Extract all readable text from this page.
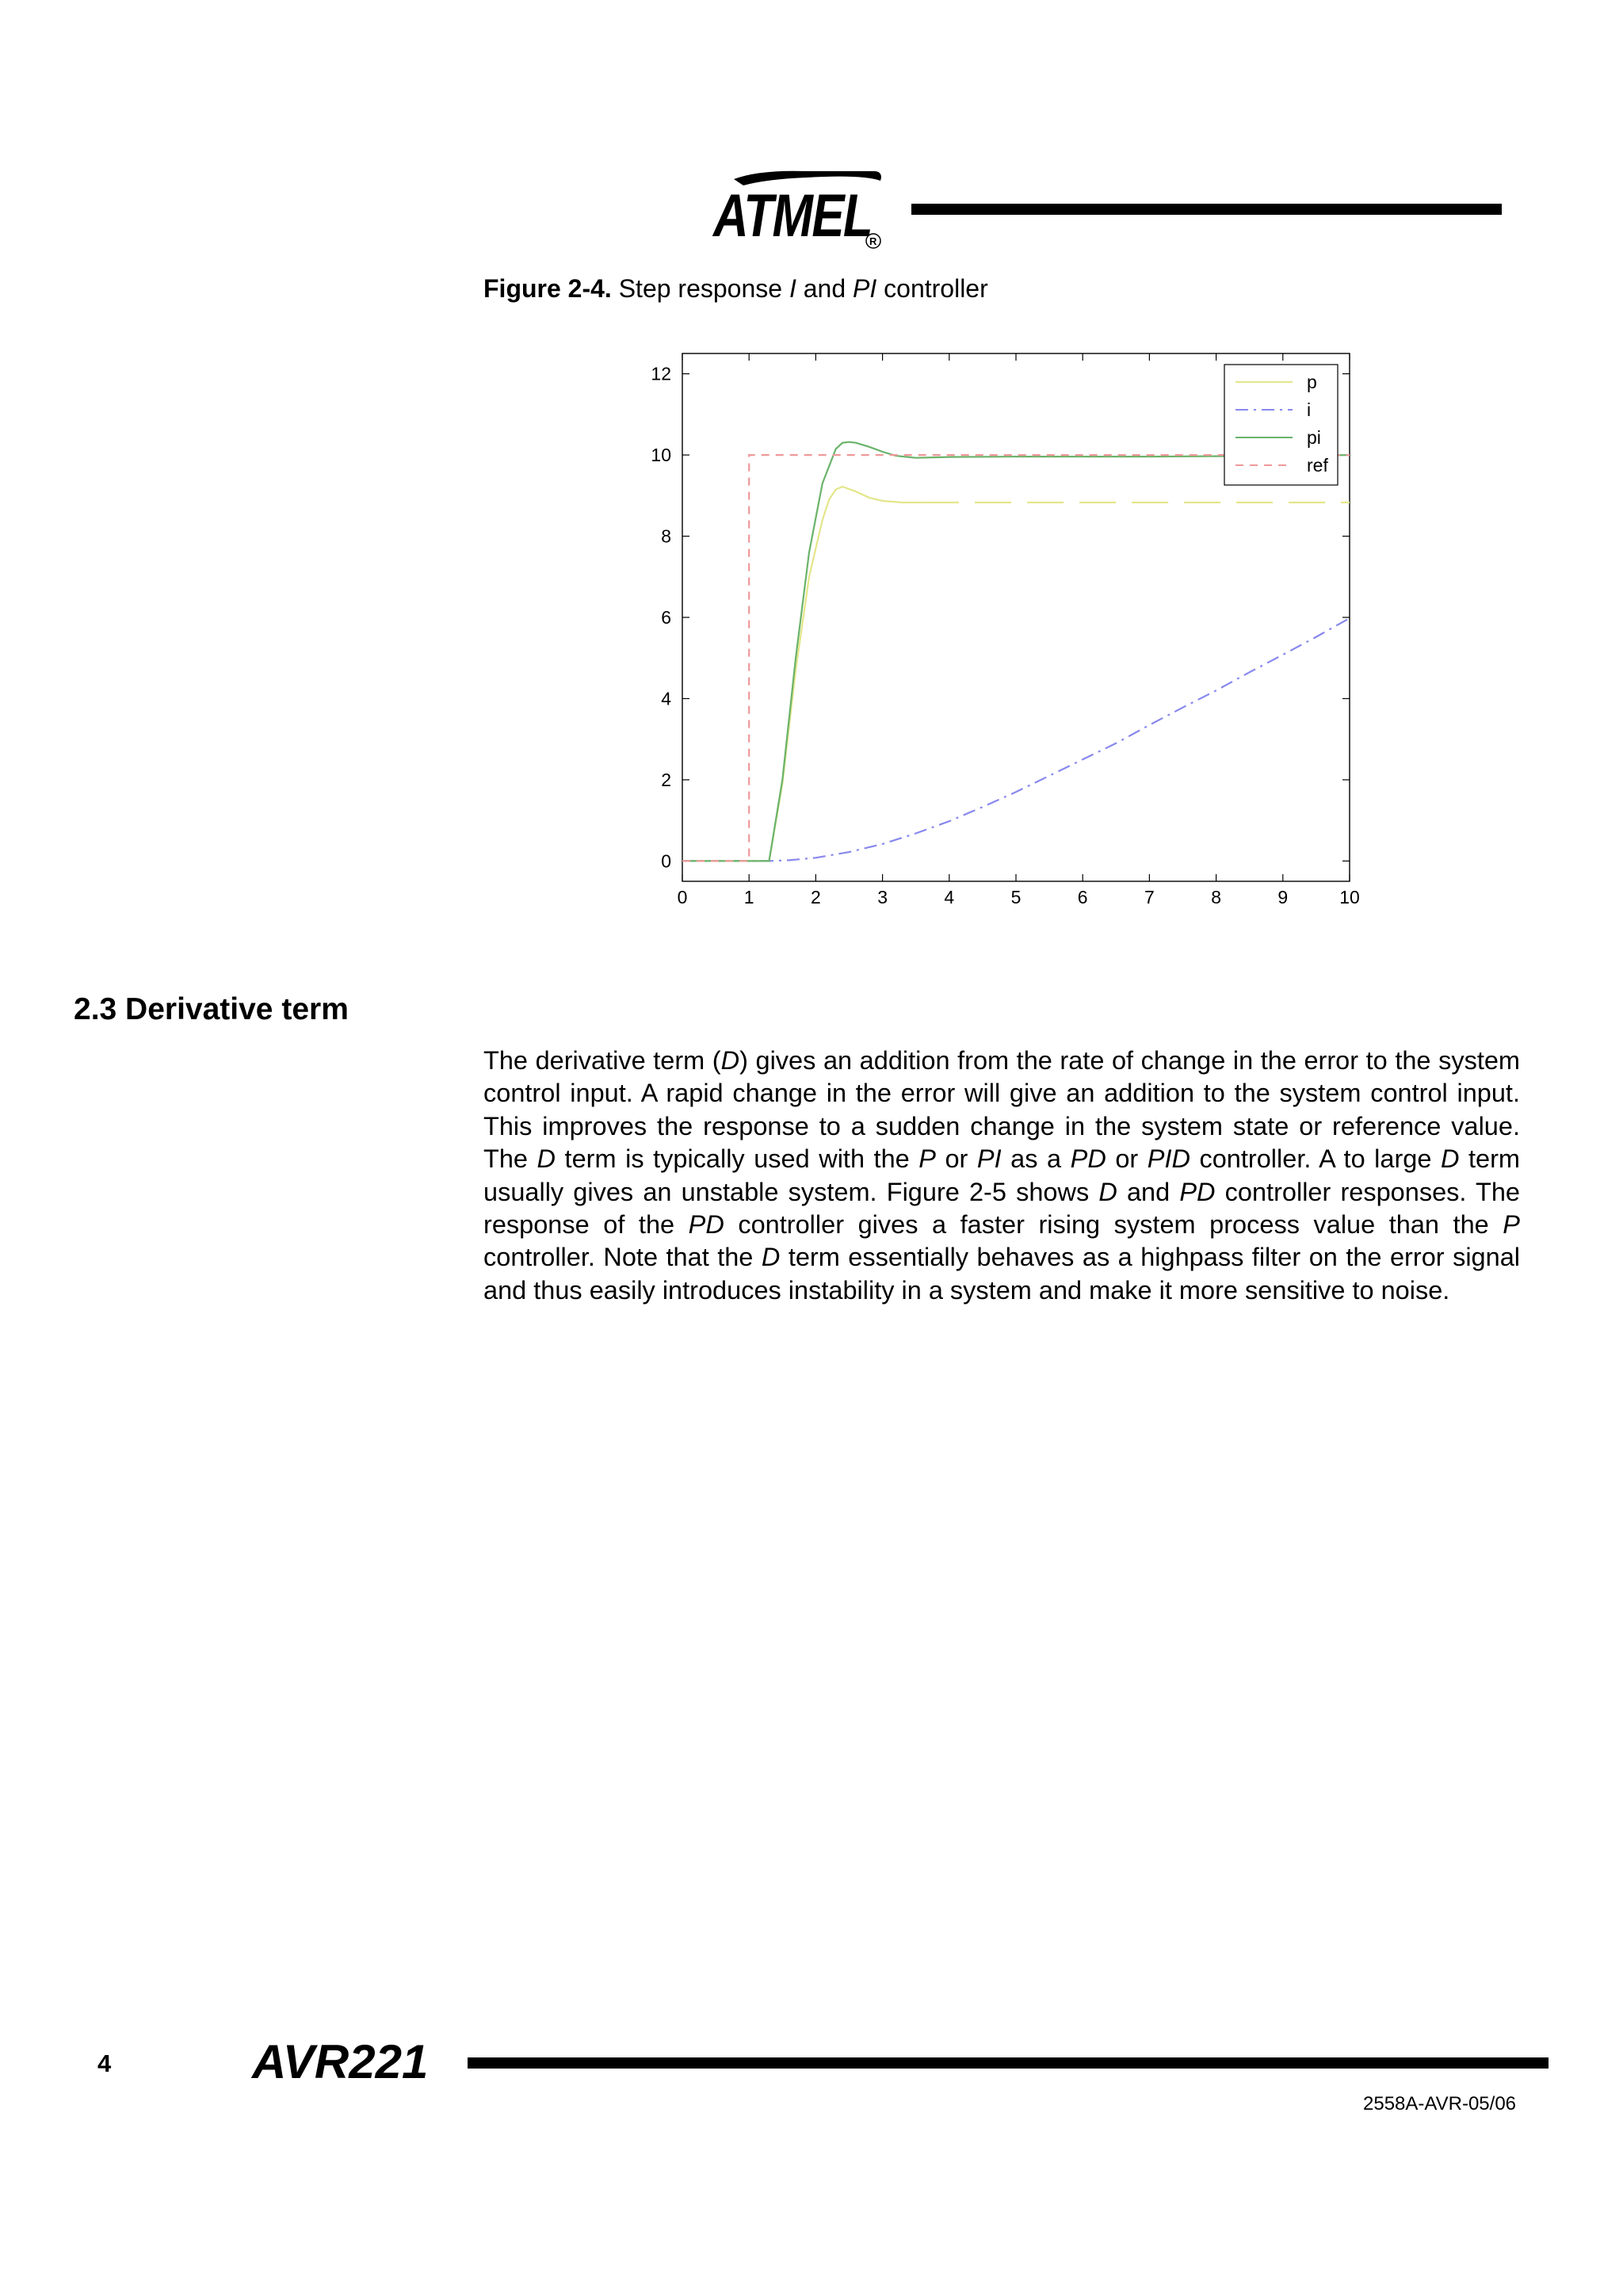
ATMEL
R
Figure 2-4. Step response I and PI controller
0	1	2	3	4	5	6	7	8	9	10
0
2
4
6
8
10
12	p
i
pi
ref
2.3 Derivative term

The derivative term (D) gives an addition from the rate of change in the error to the system control input. A rapid change in the error will give an addition to the system control input. This improves the response to a sudden change in the system state or reference value. The D term is typically used with the P or PI as a PD or PID controller. A to large D term usually gives an unstable system. Figure 2-5 shows D and PD controller responses. The response of the PD controller gives a faster rising system process value than the P controller. Note that the D term essentially behaves as a highpass filter on the error signal and thus easily introduces instability in a system and make it more sensitive to noise.

4	AVR221
2558A-AVR-05/06
